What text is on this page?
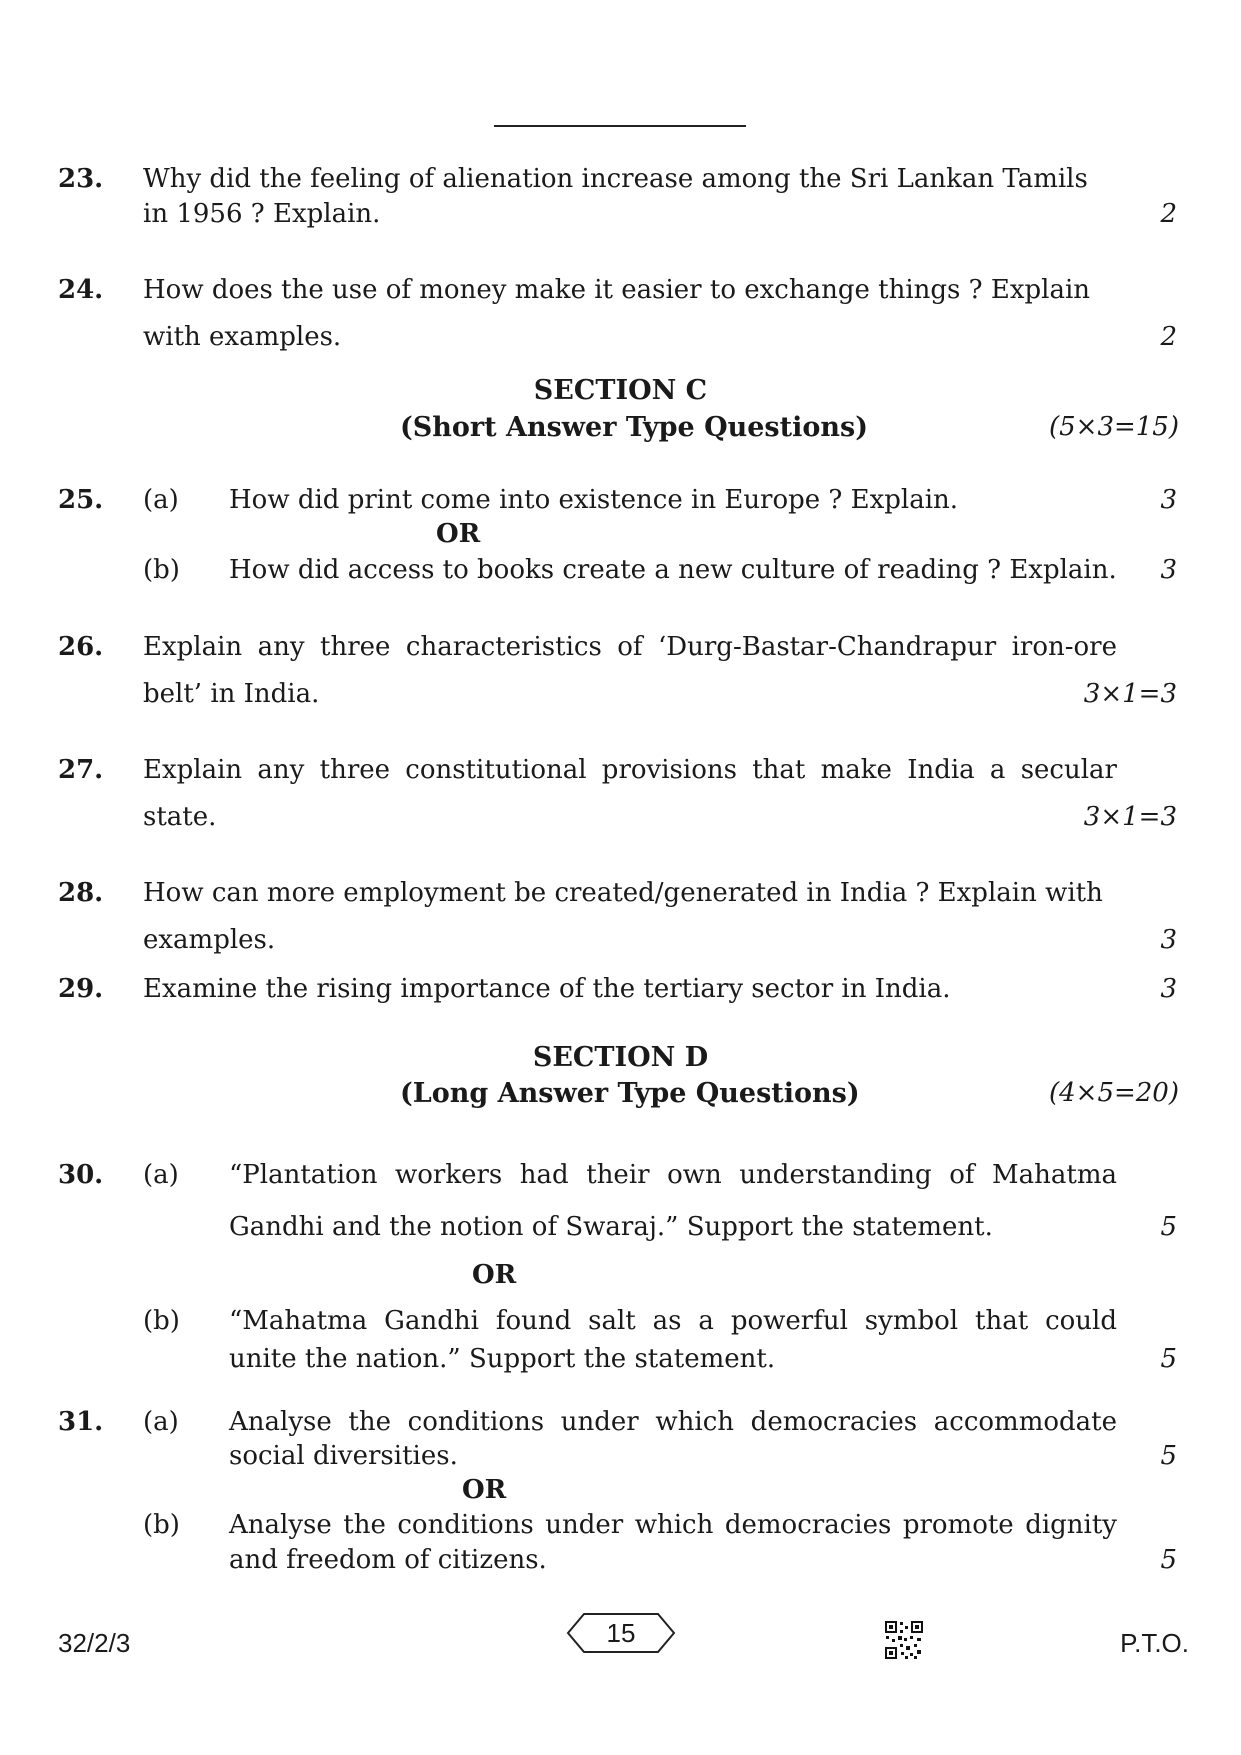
23.	Why did the feeling of alienation increase among the Sri Lankan Tamils
in 1956 ? Explain.	2
24.	How does the use of money make it easier to exchange things ? Explain
with examples.	2
SECTION C
(Short Answer Type Questions)	(5×3=15)
25.	(a) How did print come into existence in Europe ? Explain.	3
OR
(b) How did access to books create a new culture of reading ? Explain. 3
26.	Explain any three characteristics of ‘Durg-Bastar-Chandrapur iron-ore
belt’ in India.	3×1=3
27.	Explain any three constitutional provisions that make India a secular
state.	3×1=3
28.	How can more employment be created/generated in India ? Explain with
examples.	3
29.	Examine the rising importance of the tertiary sector in India.	3
SECTION D
(Long Answer Type Questions)	(4×5=20)
30.	(a) “Plantation workers had their own understanding of Mahatma
Gandhi and the notion of Swaraj.” Support the statement.	5
OR
(b) “Mahatma Gandhi found salt as a powerful symbol that could
unite the nation.” Support the statement.	5
31.	(a) Analyse the conditions under which democracies accommodate
social diversities.	5
OR
(b) Analyse the conditions under which democracies promote dignity
and freedom of citizens.	5
32/2/3	15	P.T.O.
